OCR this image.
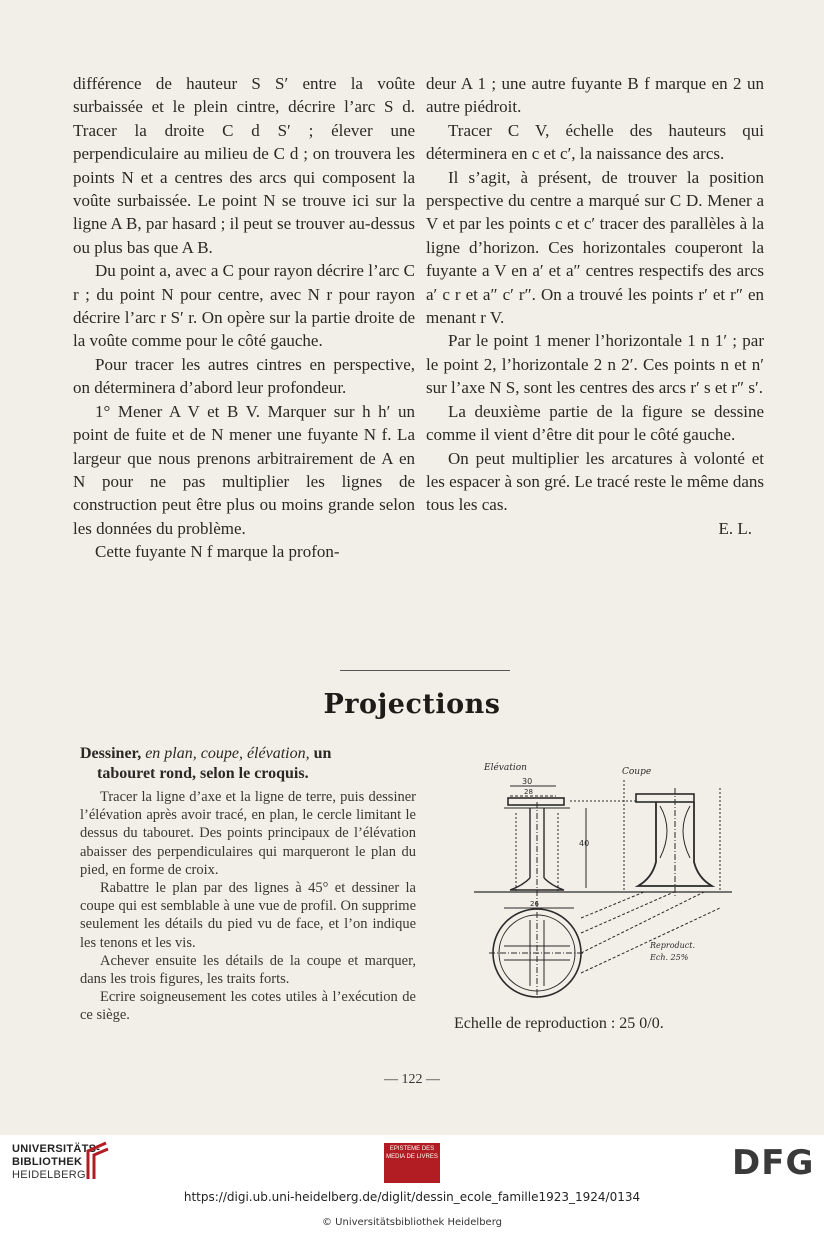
différence de hauteur S S′ entre la voûte surbaissée et le plein cintre, décrire l’arc S d. Tracer la droite C d S′ ; élever une perpendiculaire au milieu de C d ; on trouvera les points N et a centres des arcs qui composent la voûte surbaissée. Le point N se trouve ici sur la ligne A B, par hasard ; il peut se trouver au-dessus ou plus bas que A B.

Du point a, avec a C pour rayon décrire l’arc C r ; du point N pour centre, avec N r pour rayon décrire l’arc r S′ r. On opère sur la partie droite de la voûte comme pour le côté gauche.

Pour tracer les autres cintres en perspective, on déterminera d’abord leur profondeur.

1° Mener A V et B V. Marquer sur h h′ un point de fuite et de N mener une fuyante N f. La largeur que nous prenons arbitrairement de A en N pour ne pas multiplier les lignes de construction peut être plus ou moins grande selon les données du problème.

Cette fuyante N f marque la profon-

deur A 1 ; une autre fuyante B f marque en 2 un autre piédroit.

Tracer C V, échelle des hauteurs qui déterminera en c et c′, la naissance des arcs.

Il s’agit, à présent, de trouver la position perspective du centre a marqué sur C D. Mener a V et par les points c et c′ tracer des parallèles à la ligne d’horizon. Ces horizontales couperont la fuyante a V en a′ et a″ centres respectifs des arcs a′ c r et a″ c′ r″. On a trouvé les points r′ et r″ en menant r V.

Par le point 1 mener l’horizontale 1 n 1′ ; par le point 2, l’horizontale 2 n 2′. Ces points n et n′ sur l’axe N S, sont les centres des arcs r′ s et r″ s′.

La deuxième partie de la figure se dessine comme il vient d’être dit pour le côté gauche.

On peut multiplier les arcatures à volonté et les espacer à son gré. Le tracé reste le même dans tous les cas.

E. L.

Projections
Dessiner, en plan, coupe, élévation, un
tabouret rond, selon le croquis.

Tracer la ligne d’axe et la ligne de terre, puis dessiner l’élévation après avoir tracé, en plan, le cercle limitant le dessus du tabouret. Des points principaux de l’élévation abaisser des perpendiculaires qui marqueront le plan du pied, en forme de croix.

Rabattre le plan par des lignes à 45° et dessiner la coupe qui est semblable à une vue de profil. On supprime seulement les détails du pied vu de face, et l’on indique les tenons et les vis.

Achever ensuite les détails de la coupe et marquer, dans les trois figures, les traits forts.

Ecrire soigneusement les cotes utiles à l’exécution de ce siège.

Elévation	Coupe
30
28
40
26
Reproduct.
Ech. 25%
Echelle de reproduction : 25 0/0.
— 122 —
UNIVERSITÄTS-
BIBLIOTHEK
HEIDELBERG
EPISTEME DES MEDIA DE LIVRES	DFG
https://digi.ub.uni-heidelberg.de/diglit/dessin_ecole_famille1923_1924/0134
© Universitätsbibliothek Heidelberg
